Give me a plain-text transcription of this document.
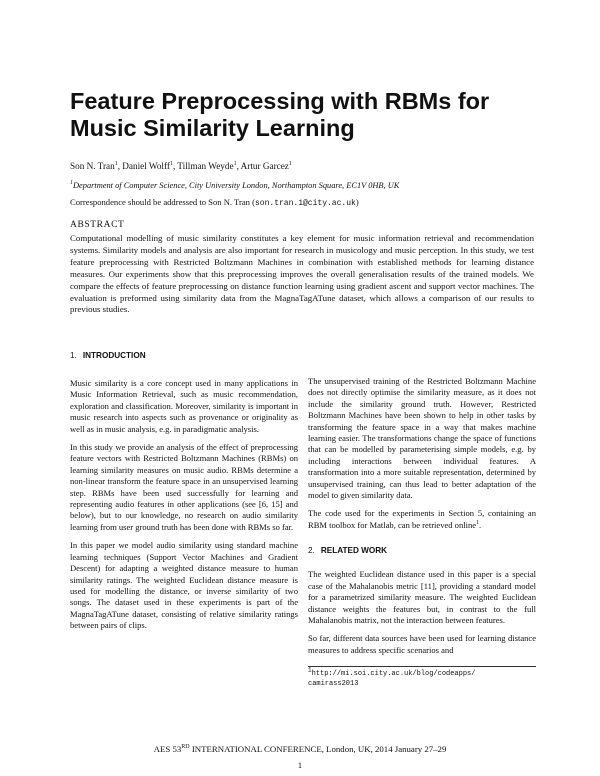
Feature Preprocessing with RBMs for Music Similarity Learning
Son N. Tran$^1$, Daniel Wolff$^1$, Tillman Weyde$^1$, Artur Garcez$^1$
$^1$Department of Computer Science, City University London, Northampton Square, EC1V 0HB, UK
Correspondence should be addressed to Son N. Tran (son.tran.1@city.ac.uk)
ABSTRACT

Computational modelling of music similarity constitutes a key element for music information retrieval and recommendation systems. Similarity models and analysis are also important for research in musicology and music perception. In this study, we test feature preprocessing with Restricted Boltzmann Machines in combination with established methods for learning distance measures. Our experiments show that this preprocessing improves the overall generalisation results of the trained models. We compare the effects of feature preprocessing on distance function learning using gradient ascent and support vector machines. The evaluation is preformed using similarity data from the MagnaTagATune dataset, which allows a comparison of our results to previous studies.

1. INTRODUCTION

Music similarity is a core concept used in many applications in Music Information Retrieval, such as music recommendation, exploration and classification. Moreover, similarity is important in music research into aspects such as provenance or originality as well as in music analysis, e.g. in paradigmatic analysis.

In this study we provide an analysis of the effect of preprocessing feature vectors with Restricted Boltzmann Machines (RBMs) on learning similarity measures on music audio. RBMs determine a non-linear transform the feature space in an unsupervised learning step. RBMs have been used successfully for learning and representing audio features in other applications (see [6, 15] and below), but to our knowledge, no research on audio similarity learning from user ground truth has been done with RBMs so far.

In this paper we model audio similarity using standard machine learning techniques (Support Vector Machines and Gradient Descent) for adapting a weighted distance measure to human similarity ratings. The weighted Euclidean distance measure is used for modelling the distance, or inverse similarity of two songs. The dataset used in these experiments is part of the MagnaTagATune dataset, consisting of relative similarity ratings between pairs of clips.

The unsupervised training of the Restricted Boltzmann Machine does not directly optimise the similarity measure, as it does not include the similarity ground truth. However, Restricted Boltzmann Machines have been shown to help in other tasks by transforming the feature space in a way that makes machine learning easier. The transformations change the space of functions that can be modelled by parameterising simple models, e.g. by including interactions between individual features. A transformation into a more suitable representation, determined by unsupervised training, can thus lead to better adaptation of the model to given similarity data.

The code used for the experiments in Section 5, containing an RBM toolbox for Matlab, can be retrieved online$^1$.

2. RELATED WORK

The weighted Euclidean distance used in this paper is a special case of the Mahalanobis metric [11], providing a standard model for a parametrized similarity measure. The weighted Euclidean distance weights the features but, in contrast to the full Mahalanobis matrix, not the interaction between features.

So far, different data sources have been used for learning distance measures to address specific scenarios and

$^1$http://mi.soi.city.ac.uk/blog/codeapps/
camirass2013
AES 53RD INTERNATIONAL CONFERENCE, London, UK, 2014 January 27–29
1
